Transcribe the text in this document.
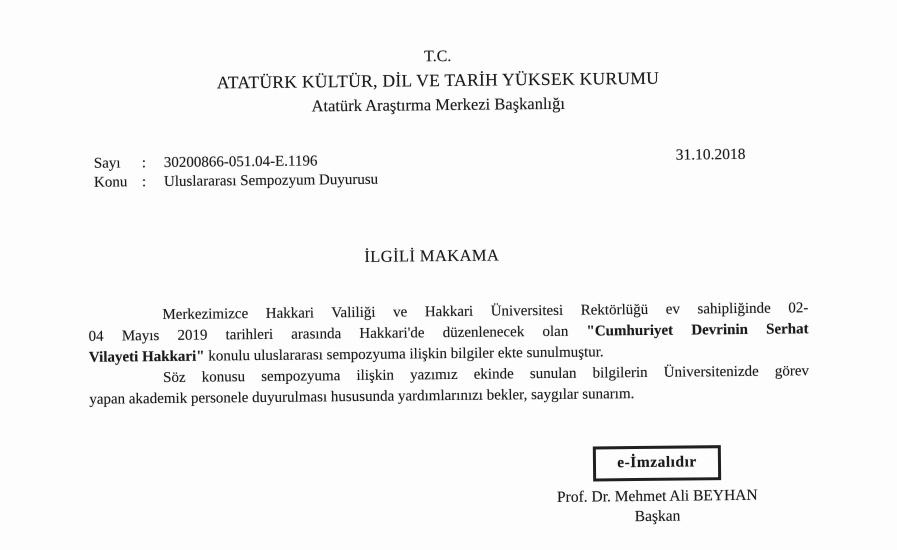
T.C.
ATATÜRK KÜLTÜR, DİL VE TARİH YÜKSEK KURUMU
Atatürk Araştırma Merkezi Başkanlığı
Sayı	:	30200866-051.04-E.1196
Konu :	Uluslararası Sempozyum Duyurusu
31.10.2018
İLGİLİ MAKAMA
Merkezimizce Hakkari Valiliği ve Hakkari Üniversitesi Rektörlüğü ev sahipliğinde 02-
04 Mayıs 2019 tarihleri arasında Hakkari'de düzenlenecek olan "Cumhuriyet Devrinin Serhat
Vilayeti Hakkari" konulu uluslararası sempozyuma ilişkin bilgiler ekte sunulmuştur.
Söz konusu sempozyuma ilişkin yazımız ekinde sunulan bilgilerin Üniversitenizde görev
yapan akademik personele duyurulması hususunda yardımlarınızı bekler, saygılar sunarım.
e-İmzalıdır
Prof. Dr. Mehmet Ali BEYHAN
Başkan
